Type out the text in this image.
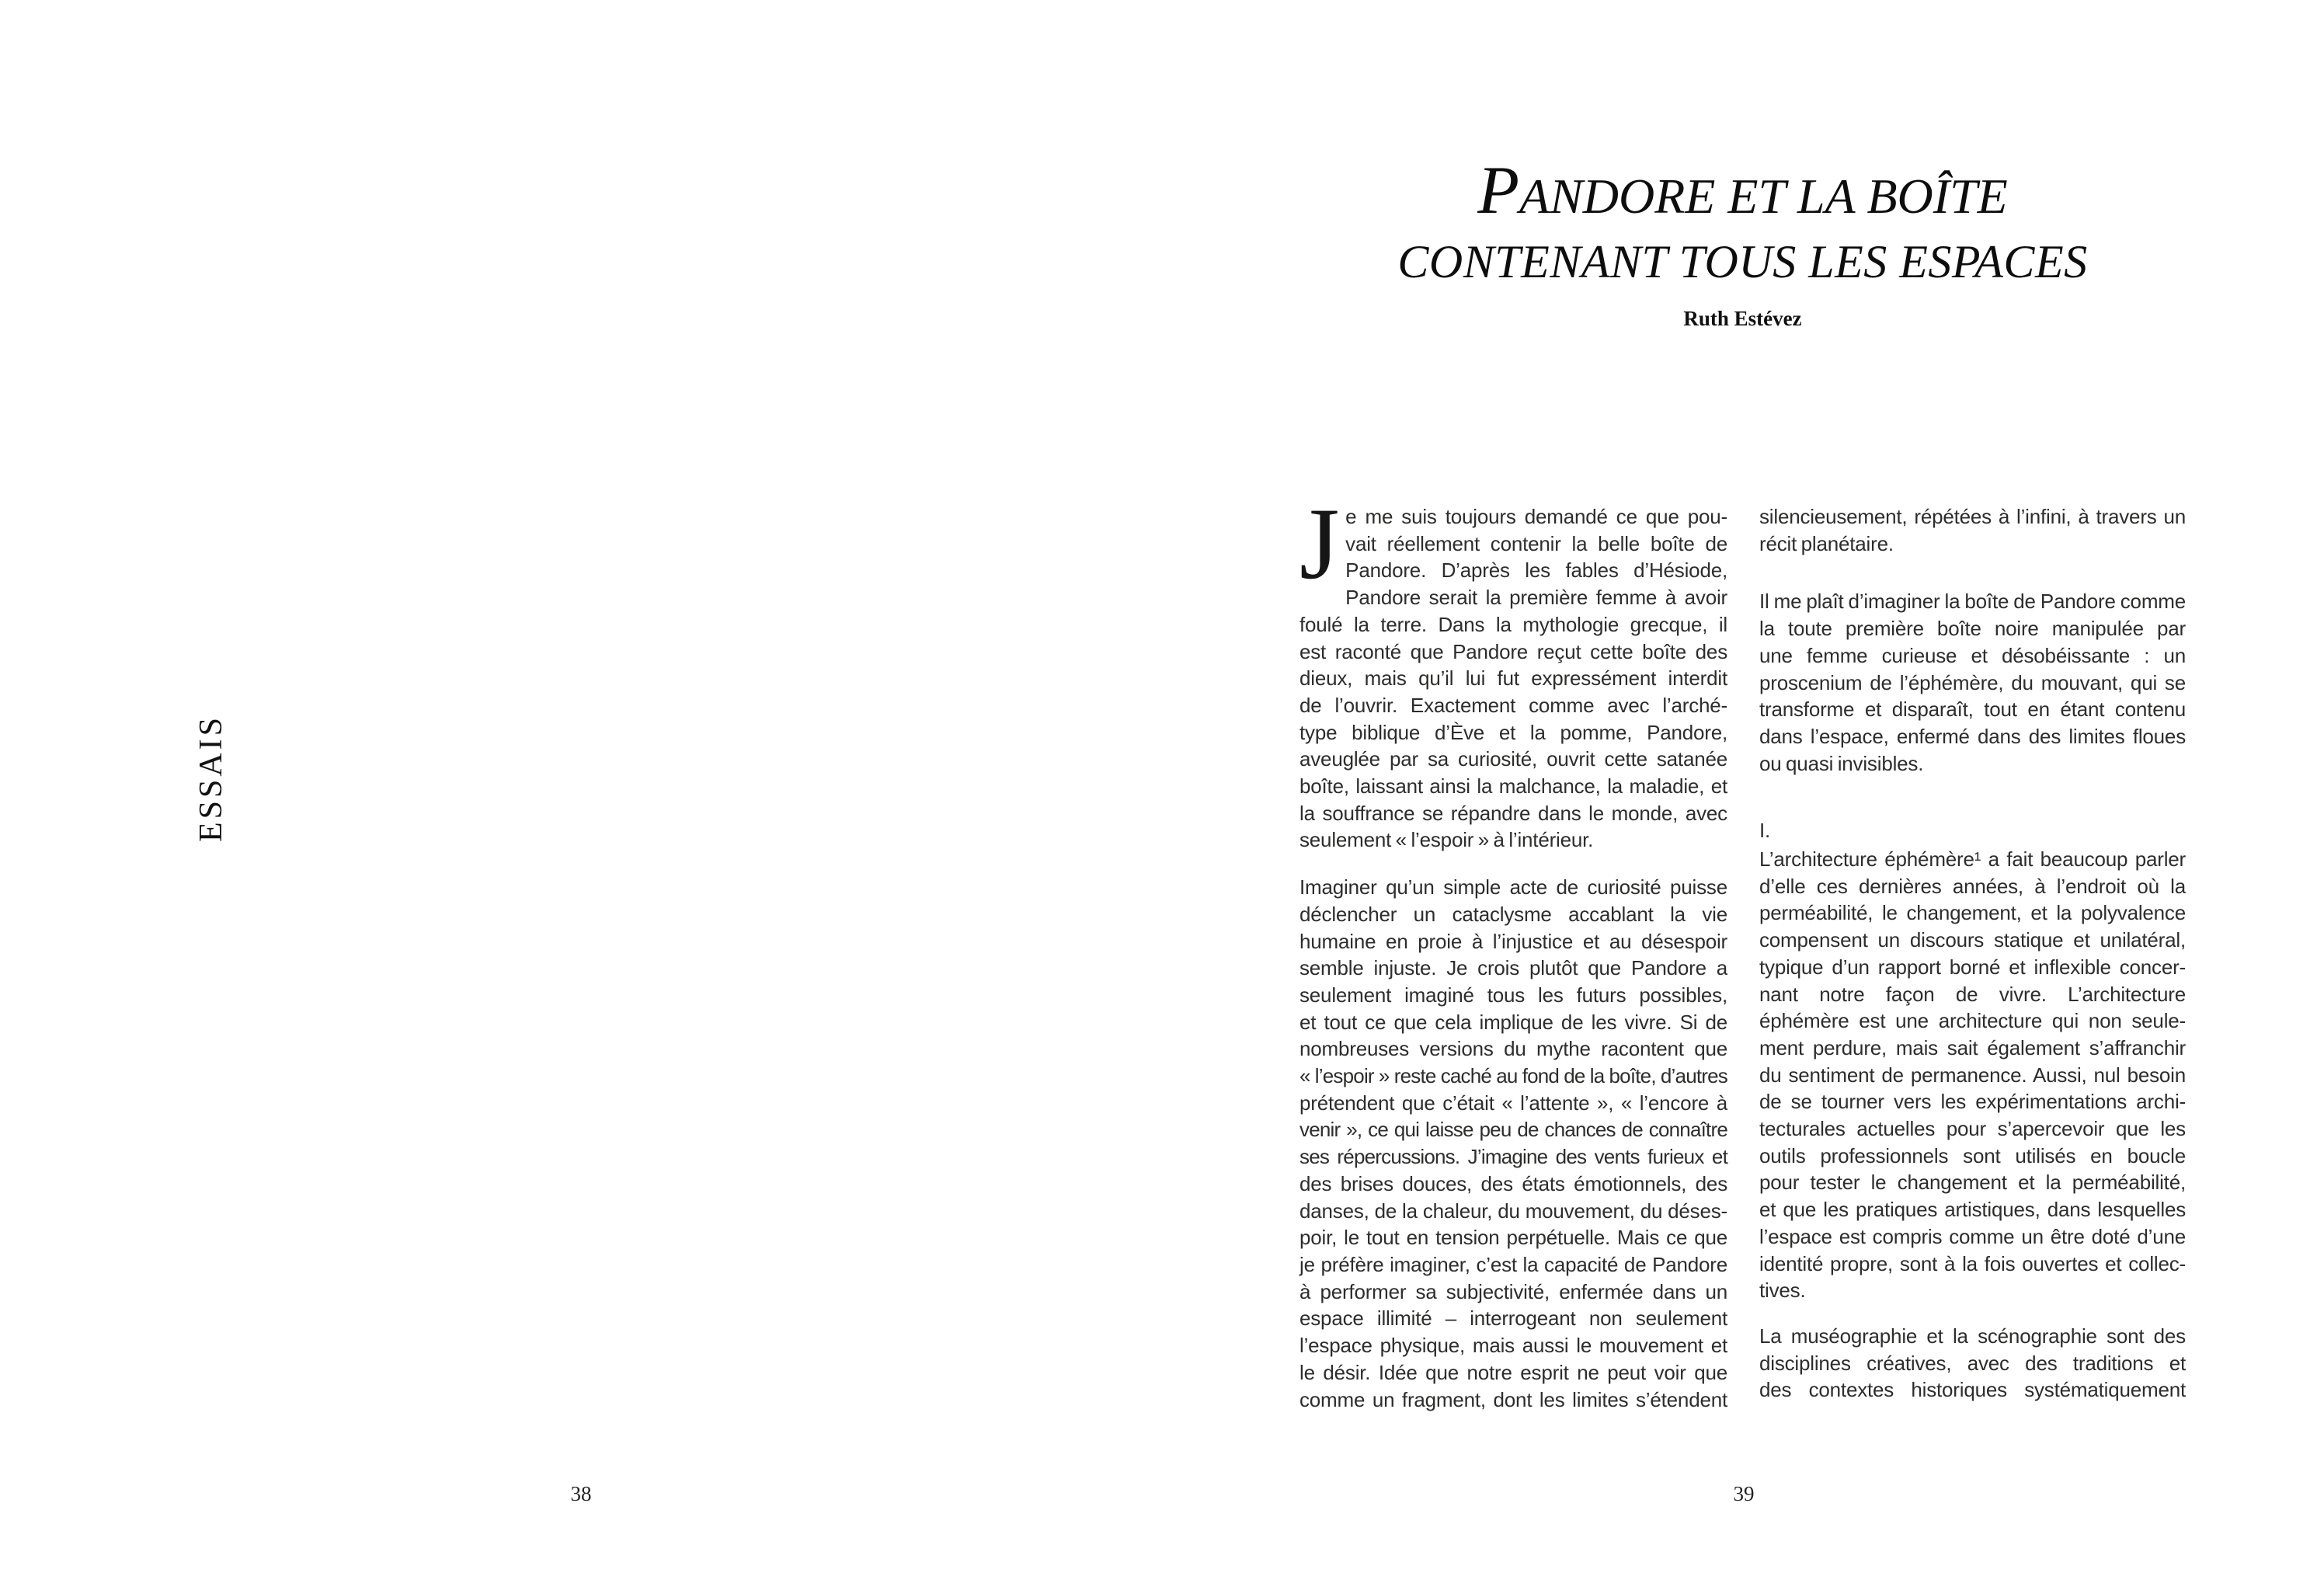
ESSAIS
38
PANDORE ET LA BOÎTE
CONTENANT TOUS LES ESPACES
Ruth Estévez
J e me suis toujours demandé ce que pou-
vait réellement contenir la belle boîte de
Pandore. D’après les fables d’Hésiode,
Pandore serait la première femme à avoir
foulé la terre. Dans la mythologie grecque, il
est raconté que Pandore reçut cette boîte des
dieux, mais qu’il lui fut expressément interdit
de l’ouvrir. Exactement comme avec l’arché-
type biblique d’Ève et la pomme, Pandore,
aveuglée par sa curiosité, ouvrit cette satanée
boîte, laissant ainsi la malchance, la maladie, et
la souffrance se répandre dans le monde, avec
seulement « l’espoir » à l’intérieur.
Imaginer qu’un simple acte de curiosité puisse
déclencher un cataclysme accablant la vie
humaine en proie à l’injustice et au désespoir
semble injuste. Je crois plutôt que Pandore a
seulement imaginé tous les futurs possibles,
et tout ce que cela implique de les vivre. Si de
nombreuses versions du mythe racontent que
« l’espoir » reste caché au fond de la boîte, d’autres
prétendent que c’était « l’attente », « l’encore à
venir », ce qui laisse peu de chances de connaître
ses répercussions. J’imagine des vents furieux et
des brises douces, des états émotionnels, des
danses, de la chaleur, du mouvement, du déses-
poir, le tout en tension perpétuelle. Mais ce que
je préfère imaginer, c’est la capacité de Pandore
à performer sa subjectivité, enfermée dans un
espace illimité – interrogeant non seulement
l’espace physique, mais aussi le mouvement et
le désir. Idée que notre esprit ne peut voir que
comme un fragment, dont les limites s’étendent
silencieusement, répétées à l’infini, à travers un
récit planétaire.
Il me plaît d’imaginer la boîte de Pandore comme
la toute première boîte noire manipulée par
une femme curieuse et désobéissante : un
proscenium de l’éphémère, du mouvant, qui se
transforme et disparaît, tout en étant contenu
dans l’espace, enfermé dans des limites floues
ou quasi invisibles.
I.
L’architecture éphémère¹ a fait beaucoup parler
d’elle ces dernières années, à l’endroit où la
perméabilité, le changement, et la polyvalence
compensent un discours statique et unilatéral,
typique d’un rapport borné et inflexible concer-
nant notre façon de vivre. L’architecture
éphémère est une architecture qui non seule-
ment perdure, mais sait également s’affranchir
du sentiment de permanence. Aussi, nul besoin
de se tourner vers les expérimentations archi-
tecturales actuelles pour s’apercevoir que les
outils professionnels sont utilisés en boucle
pour tester le changement et la perméabilité,
et que les pratiques artistiques, dans lesquelles
l’espace est compris comme un être doté d’une
identité propre, sont à la fois ouvertes et collec-
tives.
La muséographie et la scénographie sont des
disciplines créatives, avec des traditions et
des contextes historiques systématiquement
39
